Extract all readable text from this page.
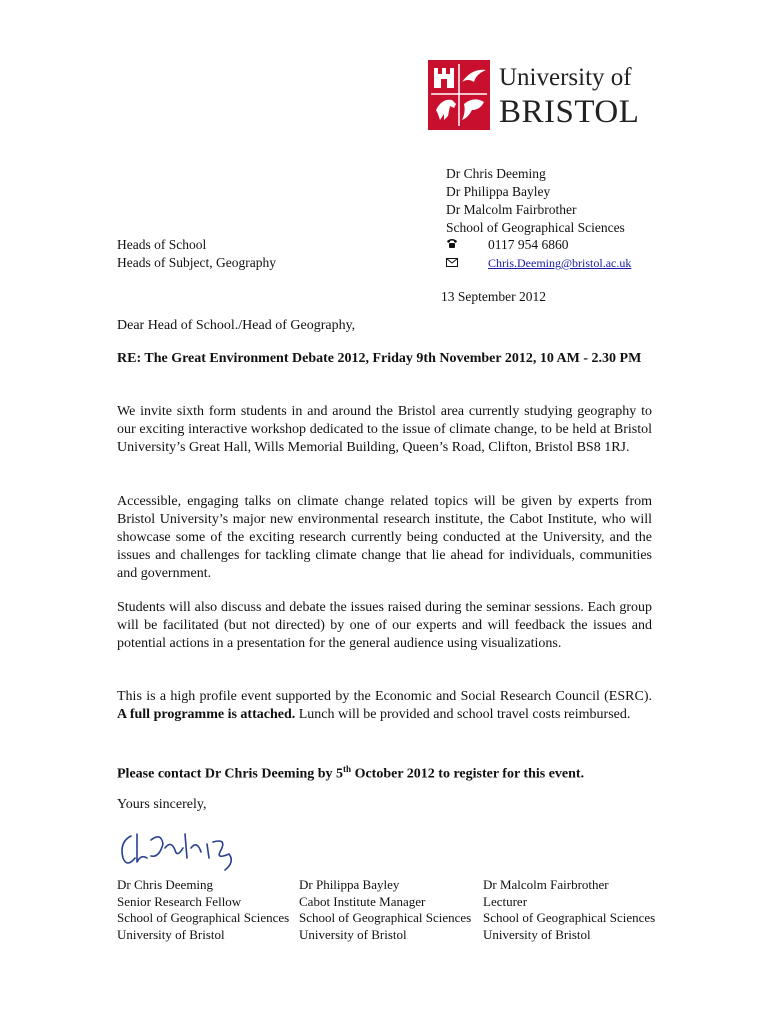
University of
BRISTOL
Dr Chris Deeming
Dr Philippa Bayley
Dr Malcolm Fairbrother
School of Geographical Sciences
0117 954 6860
Chris.Deeming@bristol.ac.uk
Heads of School
Heads of Subject, Geography
13 September 2012
Dear Head of School./Head of Geography,
RE: The Great Environment Debate 2012, Friday 9th November 2012, 10 AM - 2.30 PM
We invite sixth form students in and around the Bristol area currently studying geography to our exciting interactive workshop dedicated to the issue of climate change, to be held at Bristol University’s Great Hall, Wills Memorial Building, Queen’s Road, Clifton, Bristol BS8 1RJ.
Accessible, engaging talks on climate change related topics will be given by experts from Bristol University’s major new environmental research institute, the Cabot Institute, who will showcase some of the exciting research currently being conducted at the University, and the issues and challenges for tackling climate change that lie ahead for individuals, communities and government.
Students will also discuss and debate the issues raised during the seminar sessions. Each group will be facilitated (but not directed) by one of our experts and will feedback the issues and potential actions in a presentation for the general audience using visualizations.
This is a high profile event supported by the Economic and Social Research Council (ESRC). A full programme is attached. Lunch will be provided and school travel costs reimbursed.
Please contact Dr Chris Deeming by 5th October 2012 to register for this event.
Yours sincerely,
Dr Chris Deeming
Senior Research Fellow
School of Geographical Sciences
University of Bristol
Dr Philippa Bayley
Cabot Institute Manager
School of Geographical Sciences
University of Bristol
Dr Malcolm Fairbrother
Lecturer
School of Geographical Sciences
University of Bristol
